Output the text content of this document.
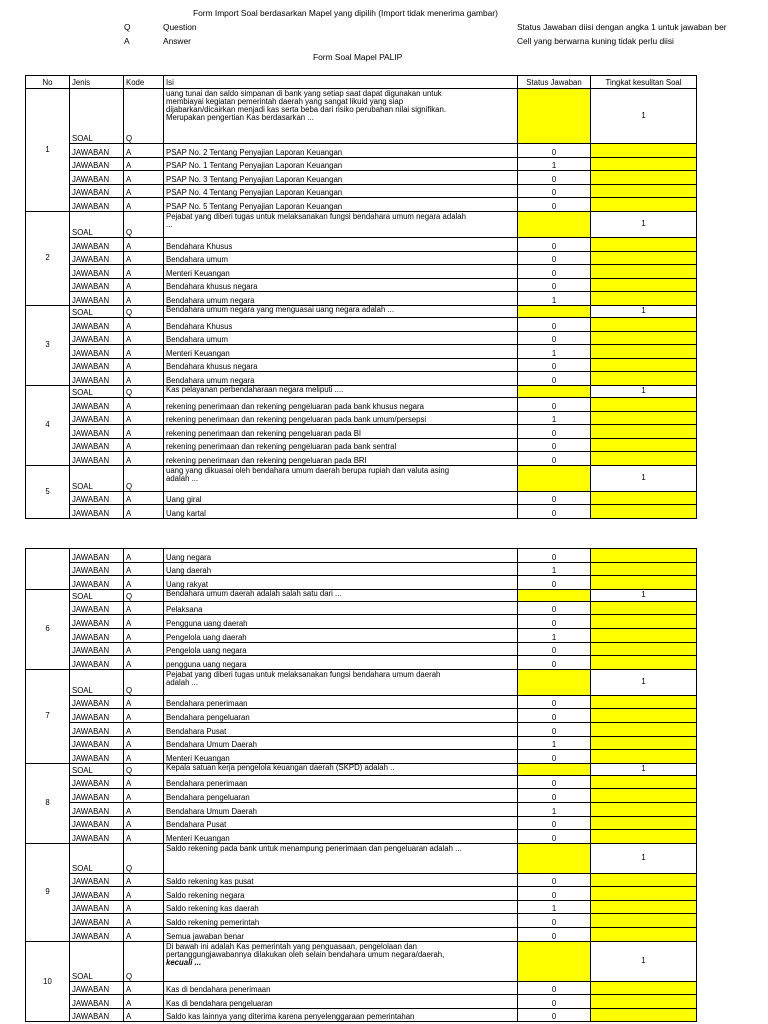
Form Import Soal berdasarkan Mapel yang dipilih (Import tidak menerima gambar)
Q	Question
A	Answer
Status Jawaban diisi dengan angka 1 untuk jawaban ber
Cell yang berwarna kuning tidak perlu diisi
Form Soal Mapel PALIP
No	Jenis	Kode	Isi	Status Jawaban	Tingkat kesulitan Soal
1	SOAL	Q	uang tunai dan saldo simpanan di bank yang setiap saat dapat digunakan untuk
membiayai kegiatan pemerintah daerah yang sangat likuid yang siap
dijabarkan/dicairkan menjadi kas serta beba dari risiko perubahan nilai signifikan.
Merupakan pengertian Kas berdasarkan ...		1
	JAWABAN	A	PSAP No. 2 Tentang Penyajian Laporan Keuangan	0	
	JAWABAN	A	PSAP No. 1 Tentang Penyajian Laporan Keuangan	1	
	JAWABAN	A	PSAP No. 3 Tentang Penyajian Laporan Keuangan	0	
	JAWABAN	A	PSAP No. 4 Tentang Penyajian Laporan Keuangan	0	
	JAWABAN	A	PSAP No. 5 Tentang Penyajian Laporan Keuangan	0	
2	SOAL	Q	Pejabat yang diberi tugas untuk melaksanakan fungsi bendahara umum negara adalah
...		1
	JAWABAN	A	Bendahara Khusus	0	
	JAWABAN	A	Bendahara umum	0	
	JAWABAN	A	Menteri Keuangan	0	
	JAWABAN	A	Bendahara khusus negara	0	
	JAWABAN	A	Bendahara umum negara	1	
3	SOAL	Q	Bendahara umum negara yang menguasai uang negara adalah ...		1
	JAWABAN	A	Bendahara Khusus	0	
	JAWABAN	A	Bendahara umum	0	
	JAWABAN	A	Menteri Keuangan	1	
	JAWABAN	A	Bendahara khusus negara	0	
	JAWABAN	A	Bendahara umum negara	0	
4	SOAL	Q	Kas pelayanan perbendaharaan negara meliputi ....		1
	JAWABAN	A	rekening penerimaan dan rekening pengeluaran pada bank khusus negara	0	
	JAWABAN	A	rekening penerimaan dan rekening pengeluaran pada bank umum/persepsi	1	
	JAWABAN	A	rekening penerimaan dan rekening pengeluaran pada BI	0	
	JAWABAN	A	rekening penerimaan dan rekening pengeluaran pada bank sentral	0	
	JAWABAN	A	rekening penerimaan dan rekening pengeluaran pada BRI	0	
5	SOAL	Q	uang yang dikuasai oleh bendahara umum daerah berupa rupiah dan valuta asing
adalah ...		1
	JAWABAN	A	Uang giral	0	
	JAWABAN	A	Uang kartal	0	
	JAWABAN	A	Uang negara	0	
	JAWABAN	A	Uang daerah	1	
	JAWABAN	A	Uang rakyat	0	
6	SOAL	Q	Bendahara umum daerah adalah salah satu dari ...		1
	JAWABAN	A	Pelaksana	0	
	JAWABAN	A	Pengguna uang daerah	0	
	JAWABAN	A	Pengelola uang daerah	1	
	JAWABAN	A	Pengelola uang negara	0	
	JAWABAN	A	pengguna uang negara	0	
7	SOAL	Q	Pejabat yang diberi tugas untuk melaksanakan fungsi bendahara umum daerah
adalah ...		1
	JAWABAN	A	Bendahara penerimaan	0	
	JAWABAN	A	Bendahara pengeluaran	0	
	JAWABAN	A	Bendahara Pusat	0	
	JAWABAN	A	Bendahara Umum Daerah	1	
	JAWABAN	A	Menteri Keuangan	0	
8	SOAL	Q	Kepala satuan kerja pengelola keuangan daerah (SKPD) adalah ..		1
	JAWABAN	A	Bendahara penerimaan	0	
	JAWABAN	A	Bendahara pengeluaran	0	
	JAWABAN	A	Bendahara Umum Daerah	1	
	JAWABAN	A	Bendahara Pusat	0	
	JAWABAN	A	Menteri Keuangan	0	
9	SOAL	Q	Saldo rekening pada bank untuk menampung penerimaan dan pengeluaran adalah ...		1
	JAWABAN	A	Saldo rekening kas pusat	0	
	JAWABAN	A	Saldo rekening negara	0	
	JAWABAN	A	Saldo rekening kas daerah	1	
	JAWABAN	A	Saldo rekening pemerintah	0	
	JAWABAN	A	Semua jawaban benar	0	
10	SOAL	Q	Di bawah ini adalah Kas pemerintah yang penguasaan, pengelolaan dan
pertanggungjawabannya dilakukan oleh selain bendahara umum negara/daerah,
kecuali ...		1
	JAWABAN	A	Kas di bendahara penerimaan	0	
	JAWABAN	A	Kas di bendahara pengeluaran	0	
	JAWABAN	A	Saldo kas lainnya yang diterima karena penyelenggaraan pemerintahan	0	
